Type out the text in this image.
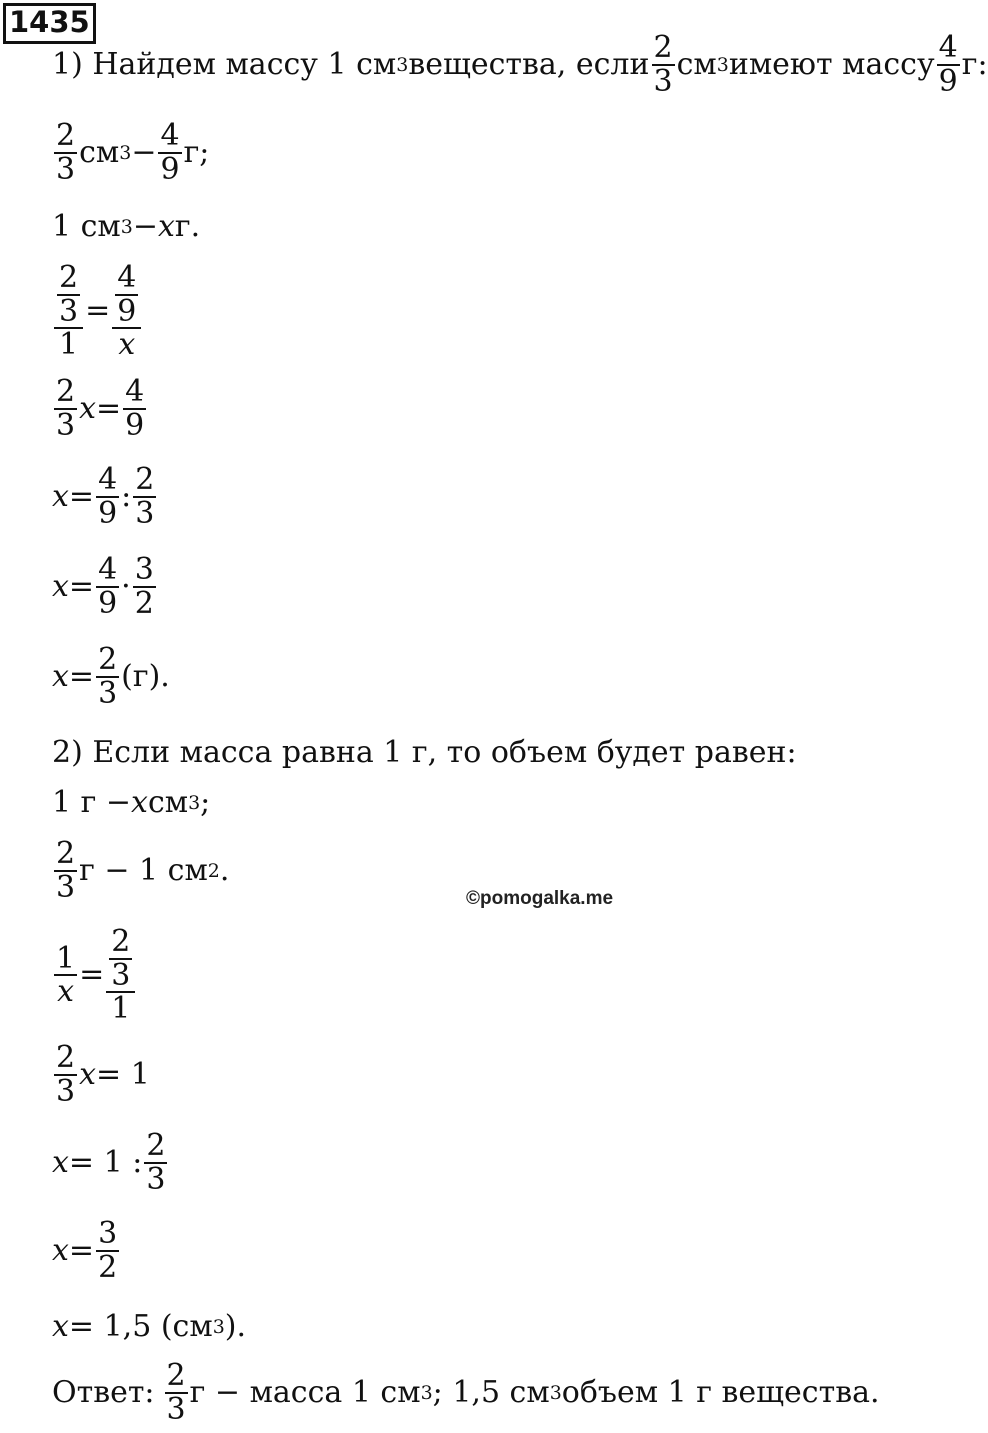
1435
1) Найдем массу 1 см 3 вещества, если $\frac{2}{3}$ см 3 имеют массу $\frac{4}{9} г$:
$\frac{2}{3}$ см $3 - \frac{4}{9} г$;
1 см 3 − x г.
$\frac{\frac{2}{3}}{1} = \frac{\frac{4}{9}}{x}$
$\frac{2}{3}$ $x = \frac{4}{9}$
$x = \frac{4}{9}$ : $\frac{2}{3}$
$x = \frac{4}{9} \cdot \frac{3}{2}$
$x = \frac{2}{3} (г)$.
2) Если масса равна 1 г, то объем будет равен:
1 г − x см 3 ;
$\frac{2}{3}$ г − 1 см 2 .
©pomogalka.me
$\frac{1}{x} = \frac{\frac{2}{3}}{1}$
$\frac{2}{3}$ x = 1
x = 1 : $\frac{2}{3}$
$x = \frac{3}{2}$
x = 1,5 (см 3 ).
Ответ: $\frac{2}{3}$ г − масса 1 см 3 ; 1,5 см 3 объем 1 г вещества.
